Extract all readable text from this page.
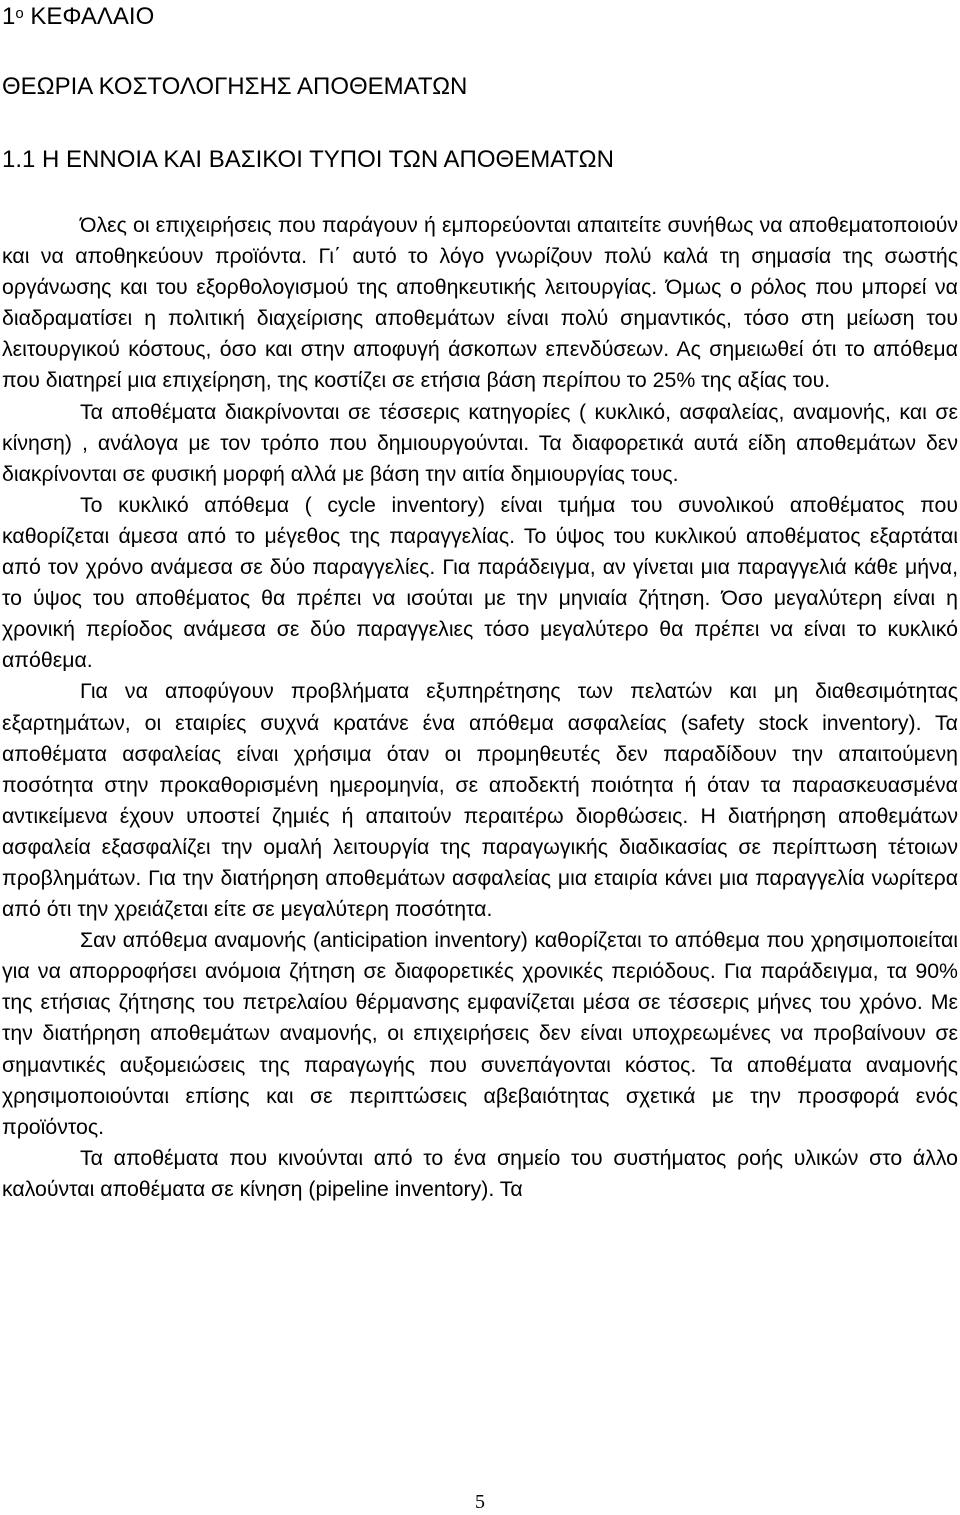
$1^o$ ΚΕΦΑΛΑΙΟ
ΘΕΩΡΙΑ ΚΟΣΤΟΛΟΓΗΣΗΣ ΑΠΟΘΕΜΑΤΩΝ
1.1 Η ΕΝΝΟΙΑ ΚΑΙ ΒΑΣΙΚΟΙ ΤΥΠΟΙ ΤΩΝ ΑΠΟΘΕΜΑΤΩΝ

Όλες οι επιχειρήσεις που παράγουν ή εμπορεύονται απαιτείτε συνήθως να αποθεματοποιούν και να αποθηκεύουν προϊόντα. Γι΄ αυτό το λόγο γνωρίζουν πολύ καλά τη σημασία της σωστής οργάνωσης και του εξορθολογισμού της αποθηκευτικής λειτουργίας. Όμως ο ρόλος που μπορεί να διαδραματίσει η πολιτική διαχείρισης αποθεμάτων είναι πολύ σημαντικός, τόσο στη μείωση του λειτουργικού κόστους, όσο και στην αποφυγή άσκοπων επενδύσεων. Ας σημειωθεί ότι το απόθεμα που διατηρεί μια επιχείρηση, της κοστίζει σε ετήσια βάση περίπου το 25% της αξίας του.

Τα αποθέματα διακρίνονται σε τέσσερις κατηγορίες ( κυκλικό, ασφαλείας, αναμονής, και σε κίνηση) , ανάλογα με τον τρόπο που δημιουργούνται. Τα διαφορετικά αυτά είδη αποθεμάτων δεν διακρίνονται σε φυσική μορφή αλλά με βάση την αιτία δημιουργίας τους.

Το κυκλικό απόθεμα ( cycle inventory) είναι τμήμα του συνολικού αποθέματος που καθορίζεται άμεσα από το μέγεθος της παραγγελίας. Το ύψος του κυκλικού αποθέματος εξαρτάται από τον χρόνο ανάμεσα σε δύο παραγγελίες. Για παράδειγμα, αν γίνεται μια παραγγελιά κάθε μήνα, το ύψος του αποθέματος θα πρέπει να ισούται με την μηνιαία ζήτηση. Όσο μεγαλύτερη είναι η χρονική περίοδος ανάμεσα σε δύο παραγγελιες τόσο μεγαλύτερο θα πρέπει να είναι το κυκλικό απόθεμα.

Για να αποφύγουν προβλήματα εξυπηρέτησης των πελατών και μη διαθεσιμότητας εξαρτημάτων, οι εταιρίες συχνά κρατάνε ένα απόθεμα ασφαλείας (safety stock inventory). Τα αποθέματα ασφαλείας είναι χρήσιμα όταν οι προμηθευτές δεν παραδίδουν την απαιτούμενη ποσότητα στην προκαθορισμένη ημερομηνία, σε αποδεκτή ποιότητα ή όταν τα παρασκευασμένα αντικείμενα έχουν υποστεί ζημιές ή απαιτούν περαιτέρω διορθώσεις. Η διατήρηση αποθεμάτων ασφαλεία εξασφαλίζει την ομαλή λειτουργία της παραγωγικής διαδικασίας σε περίπτωση τέτοιων προβλημάτων. Για την διατήρηση αποθεμάτων ασφαλείας μια εταιρία κάνει μια παραγγελία νωρίτερα από ότι την χρειάζεται είτε σε μεγαλύτερη ποσότητα.

Σαν απόθεμα αναμονής (anticipation inventory) καθορίζεται το απόθεμα που χρησιμοποιείται για να απορροφήσει ανόμοια ζήτηση σε διαφορετικές χρονικές περιόδους. Για παράδειγμα, τα 90% της ετήσιας ζήτησης του πετρελαίου θέρμανσης εμφανίζεται μέσα σε τέσσερις μήνες του χρόνο. Με την διατήρηση αποθεμάτων αναμονής, οι επιχειρήσεις δεν είναι υποχρεωμένες να προβαίνουν σε σημαντικές αυξομειώσεις της παραγωγής που συνεπάγονται κόστος. Τα αποθέματα αναμονής χρησιμοποιούνται επίσης και σε περιπτώσεις αβεβαιότητας σχετικά με την προσφορά ενός προϊόντος.

Τα αποθέματα που κινούνται από το ένα σημείο του συστήματος ροής υλικών στο άλλο καλούνται αποθέματα σε κίνηση (pipeline inventory). Τα

5
